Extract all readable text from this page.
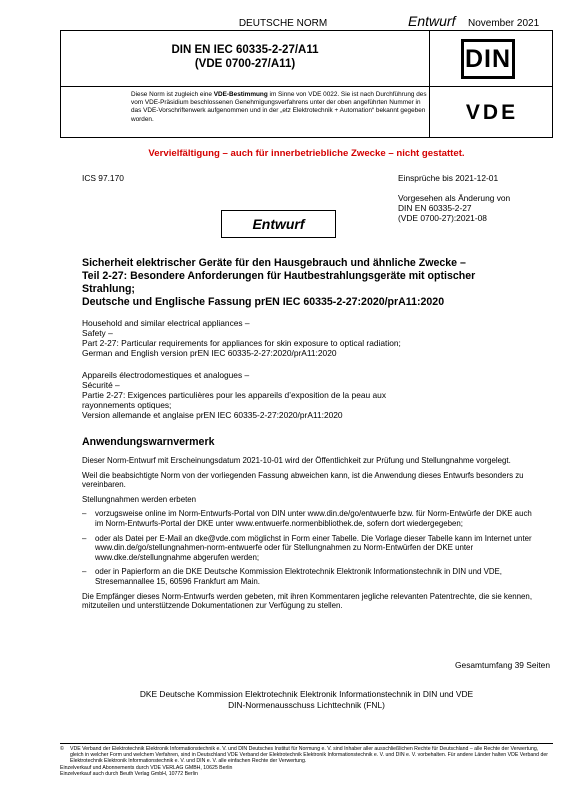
DEUTSCHE NORM	Entwurf November 2021
DIN EN IEC 60335-2-27/A11
(VDE 0700-27/A11)
Diese Norm ist zugleich eine VDE-Bestimmung im Sinne von VDE 0022. Sie ist nach Durchführung des vom VDE-Präsidium beschlossenen Genehmigungsverfahrens unter der oben angeführten Nummer in das VDE-Vorschriftenwerk aufgenommen und in der „etz Elektrotechnik + Automation“ bekannt gegeben worden.
DIN
VDE
Vervielfältigung – auch für innerbetriebliche Zwecke – nicht gestattet.
ICS 97.170	Einsprüche bis 2021-12-01
Vorgesehen als Änderung von
DIN EN 60335-2-27
(VDE 0700-27):2021-08
Entwurf
Sicherheit elektrischer Geräte für den Hausgebrauch und ähnliche Zwecke –
Teil 2-27: Besondere Anforderungen für Hautbestrahlungsgeräte mit optischer
Strahlung;
Deutsche und Englische Fassung prEN IEC 60335-2-27:2020/prA11:2020
Household and similar electrical appliances –
Safety –
Part 2-27: Particular requirements for appliances for skin exposure to optical radiation;
German and English version prEN IEC 60335-2-27:2020/prA11:2020
Appareils électrodomestiques et analogues –
Sécurité –
Partie 2-27: Exigences particulières pour les appareils d’exposition de la peau aux
rayonnements optiques;
Version allemande et anglaise prEN IEC 60335-2-27:2020/prA11:2020
Anwendungswarnvermerk

Dieser Norm-Entwurf mit Erscheinungsdatum 2021-10-01 wird der Öffentlichkeit zur Prüfung und Stellungnahme vorgelegt.

Weil die beabsichtigte Norm von der vorliegenden Fassung abweichen kann, ist die Anwendung dieses Entwurfs besonders zu vereinbaren.

Stellungnahmen werden erbeten

– vorzugsweise online im Norm-Entwurfs-Portal von DIN unter www.din.de/go/entwuerfe bzw. für Norm-Entwürfe der DKE auch im Norm-Entwurfs-Portal der DKE unter www.entwuerfe.normenbibliothek.de, sofern dort wiedergegeben;
– oder als Datei per E-Mail an dke@vde.com möglichst in Form einer Tabelle. Die Vorlage dieser Tabelle kann im Internet unter www.din.de/go/stellungnahmen-norm-entwuerfe oder für Stellungnahmen zu Norm-Entwürfen der DKE unter www.dke.de/stellungnahme abgerufen werden;
– oder in Papierform an die DKE Deutsche Kommission Elektrotechnik Elektronik Informationstechnik in DIN und VDE, Stresemannallee 15, 60596 Frankfurt am Main.

Die Empfänger dieses Norm-Entwurfs werden gebeten, mit ihren Kommentaren jegliche relevanten Patentrechte, die sie kennen, mitzuteilen und unterstützende Dokumentationen zur Verfügung zu stellen.

Gesamtumfang 39 Seiten
DKE Deutsche Kommission Elektrotechnik Elektronik Informationstechnik in DIN und VDE
DIN-Normenausschuss Lichttechnik (FNL)
© VDE Verband der Elektrotechnik Elektronik Informationstechnik e. V. und DIN Deutsches Institut für Normung e. V. sind Inhaber aller ausschließlichen Rechte für Deutschland – alle Rechte der Verwertung, gleich in welcher Form und welchem Verfahren, sind in Deutschland VDE Verband der Elektrotechnik Elektronik Informationstechnik e. V. und DIN e. V. vorbehalten. Für andere Länder halten VDE Verband der Elektrotechnik Elektronik Informationstechnik e. V. und DIN e. V. alle einfachen Rechte der Verwertung.
Einzelverkauf und Abonnements durch VDE VERLAG GMBH, 10625 Berlin
Einzelverkauf auch durch Beuth Verlag GmbH, 10772 Berlin
